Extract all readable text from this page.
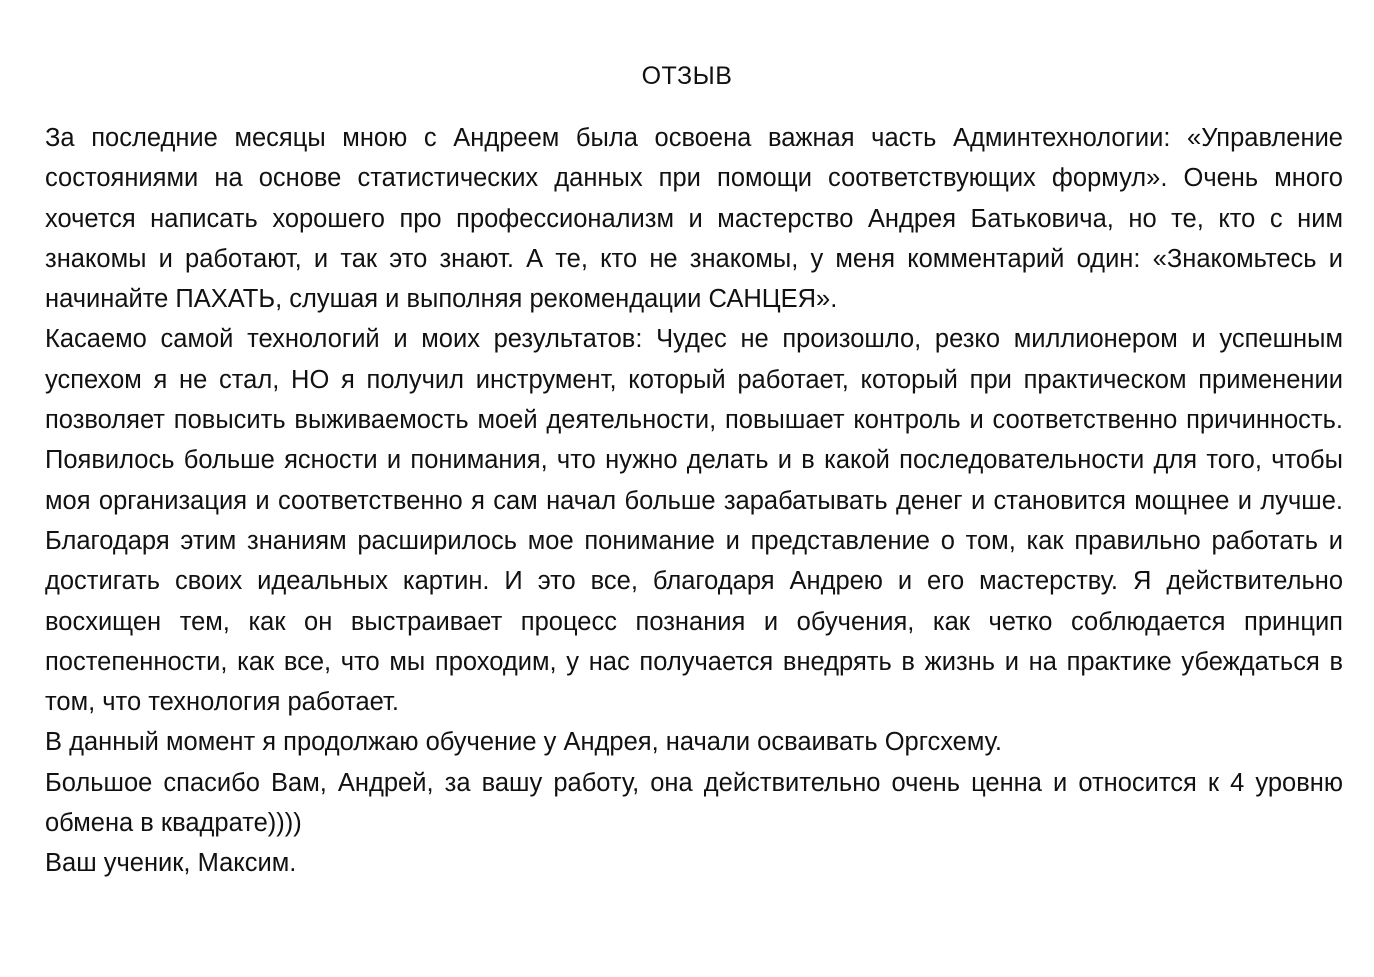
ОТЗЫВ

За последние месяцы мною с Андреем была освоена важная часть Админтехнологии: «Управление состояниями на основе статистических данных при помощи соответствующих формул». Очень много хочется написать хорошего про профессионализм и мастерство Андрея Батьковича, но те, кто с ним знакомы и работают, и так это знают. А те, кто не знакомы, у меня комментарий один: «Знакомьтесь и начинайте ПАХАТЬ, слушая и выполняя рекомендации САНЦЕЯ».

Касаемо самой технологий и моих результатов: Чудес не произошло, резко миллионером и успешным успехом я не стал, НО я получил инструмент, который работает, который при практическом применении позволяет повысить выживаемость моей деятельности, повышает контроль и соответственно причинность. Появилось больше ясности и понимания, что нужно делать и в какой последовательности для того, чтобы моя организация и соответственно я сам начал больше зарабатывать денег и становится мощнее и лучше. Благодаря этим знаниям расширилось мое понимание и представление о том, как правильно работать и достигать своих идеальных картин. И это все, благодаря Андрею и его мастерству. Я действительно восхищен тем, как он выстраивает процесс познания и обучения, как четко соблюдается принцип постепенности, как все, что мы проходим, у нас получается внедрять в жизнь и на практике убеждаться в том, что технология работает.

В данный момент я продолжаю обучение у Андрея, начали осваивать Оргсхему.

Большое спасибо Вам, Андрей, за вашу работу, она действительно очень ценна и относится к 4 уровню обмена в квадрате))))

Ваш ученик, Максим.
